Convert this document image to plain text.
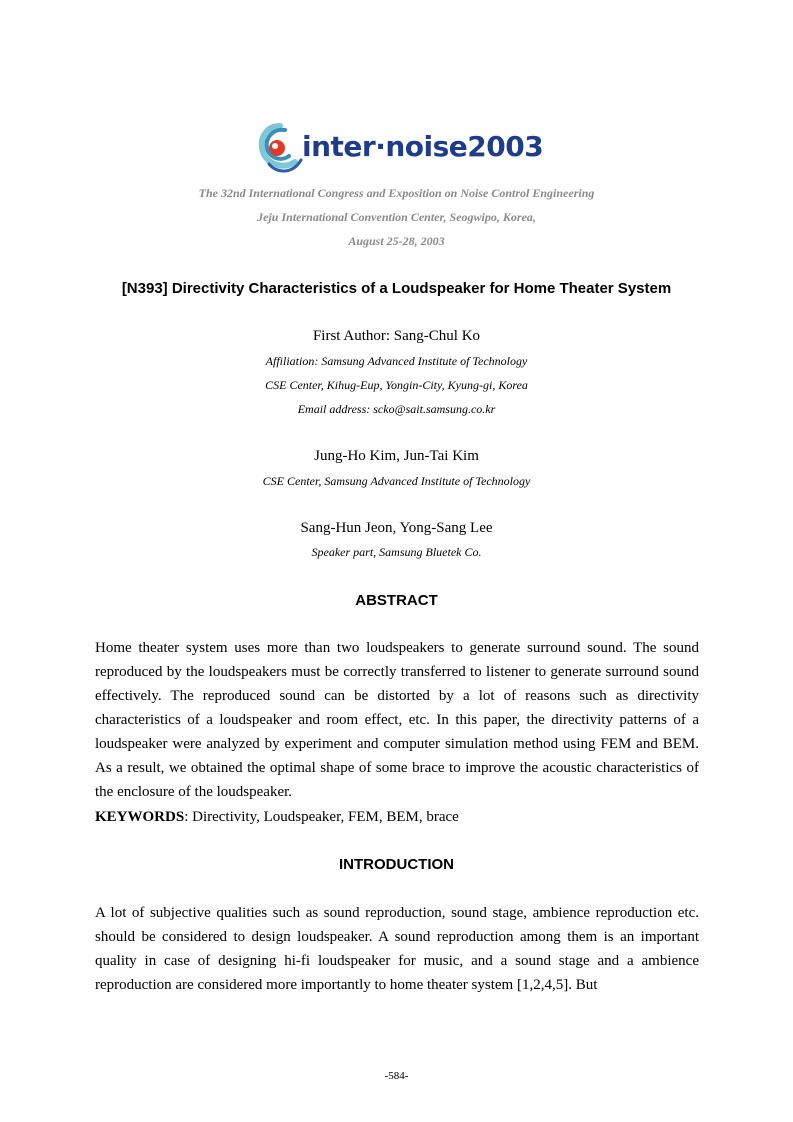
inter·noise2003
The 32nd International Congress and Exposition on Noise Control Engineering
Jeju International Convention Center, Seogwipo, Korea,
August 25-28, 2003
[N393] Directivity Characteristics of a Loudspeaker for Home Theater System
First Author: Sang-Chul Ko
Affiliation: Samsung Advanced Institute of Technology
CSE Center, Kihug-Eup, Yongin-City, Kyung-gi, Korea
Email address: scko@sait.samsung.co.kr
Jung-Ho Kim, Jun-Tai Kim
CSE Center, Samsung Advanced Institute of Technology
Sang-Hun Jeon, Yong-Sang Lee
Speaker part, Samsung Bluetek Co.
ABSTRACT

Home theater system uses more than two loudspeakers to generate surround sound. The sound reproduced by the loudspeakers must be correctly transferred to listener to generate surround sound effectively. The reproduced sound can be distorted by a lot of reasons such as directivity characteristics of a loudspeaker and room effect, etc. In this paper, the directivity patterns of a loudspeaker were analyzed by experiment and computer simulation method using FEM and BEM. As a result, we obtained the optimal shape of some brace to improve the acoustic characteristics of the enclosure of the loudspeaker.

KEYWORDS: Directivity, Loudspeaker, FEM, BEM, brace
INTRODUCTION

A lot of subjective qualities such as sound reproduction, sound stage, ambience reproduction etc. should be considered to design loudspeaker. A sound reproduction among them is an important quality in case of designing hi-fi loudspeaker for music, and a sound stage and a ambience reproduction are considered more importantly to home theater system [1,2,4,5]. But

-584-
